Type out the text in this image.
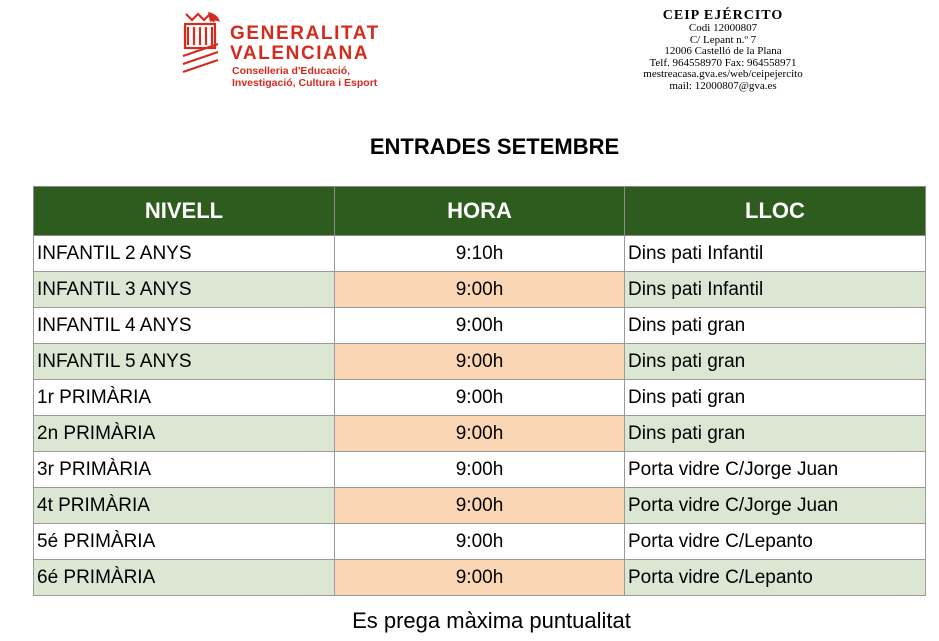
GENERALITAT
VALENCIANA
Conselleria d'Educació,
Investigació, Cultura i Esport
CEIP EJÉRCITO
Codi 12000807
C/ Lepant n.º 7
12006 Castelló de la Plana
Telf. 964558970 Fax: 964558971
mestreacasa.gva.es/web/ceipejercito
mail: 12000807@gva.es
ENTRADES SETEMBRE
NIVELL	HORA	LLOC
INFANTIL 2 ANYS	9:10h	Dins pati Infantil
INFANTIL 3 ANYS	9:00h	Dins pati Infantil
INFANTIL 4 ANYS	9:00h	Dins pati gran
INFANTIL 5 ANYS	9:00h	Dins pati gran
1r PRIMÀRIA	9:00h	Dins pati gran
2n PRIMÀRIA	9:00h	Dins pati gran
3r PRIMÀRIA	9:00h	Porta vidre C/Jorge Juan
4t PRIMÀRIA	9:00h	Porta vidre C/Jorge Juan
5é PRIMÀRIA	9:00h	Porta vidre C/Lepanto
6é PRIMÀRIA	9:00h	Porta vidre C/Lepanto
Es prega màxima puntualitat
